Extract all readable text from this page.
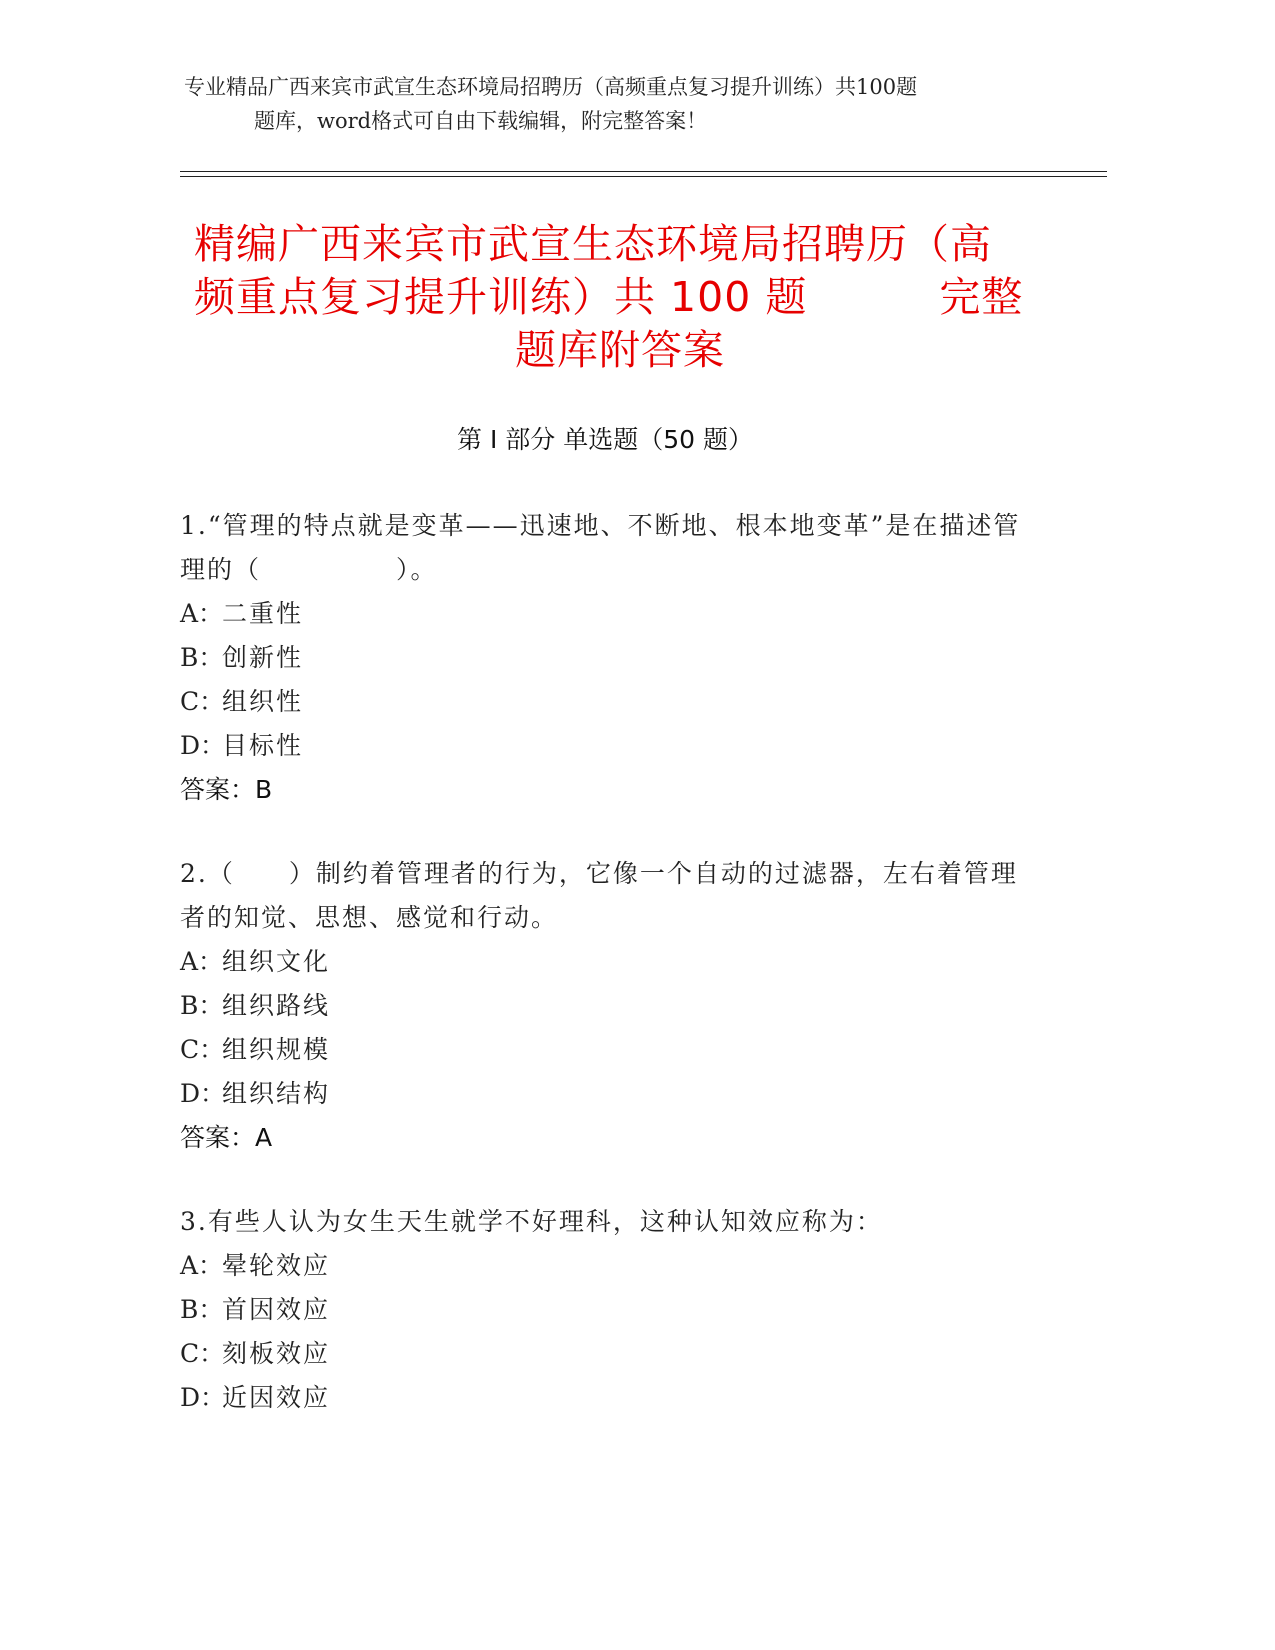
专业精品广西来宾市武宣生态环境局招聘历（高频重点复习提升训练）共100题
题库，word格式可自由下载编辑，附完整答案！
精编广西来宾市武宣生态环境局招聘历（高
频重点复习提升训练）共 100 题	完整
题库附答案
第 I 部分 单选题（50 题）
1.“管理的特点就是变革——迅速地、不断地、根本地变革”是在描述管理的（　　　　　）。
A：二重性
B：创新性
C：组织性
D：目标性
答案：B
2.（　　）制约着管理者的行为，它像一个自动的过滤器，左右着管理者的知觉、思想、感觉和行动。
A：组织文化
B：组织路线
C：组织规模
D：组织结构
答案：A
3.有些人认为女生天生就学不好理科，这种认知效应称为：
A：晕轮效应
B：首因效应
C：刻板效应
D：近因效应
